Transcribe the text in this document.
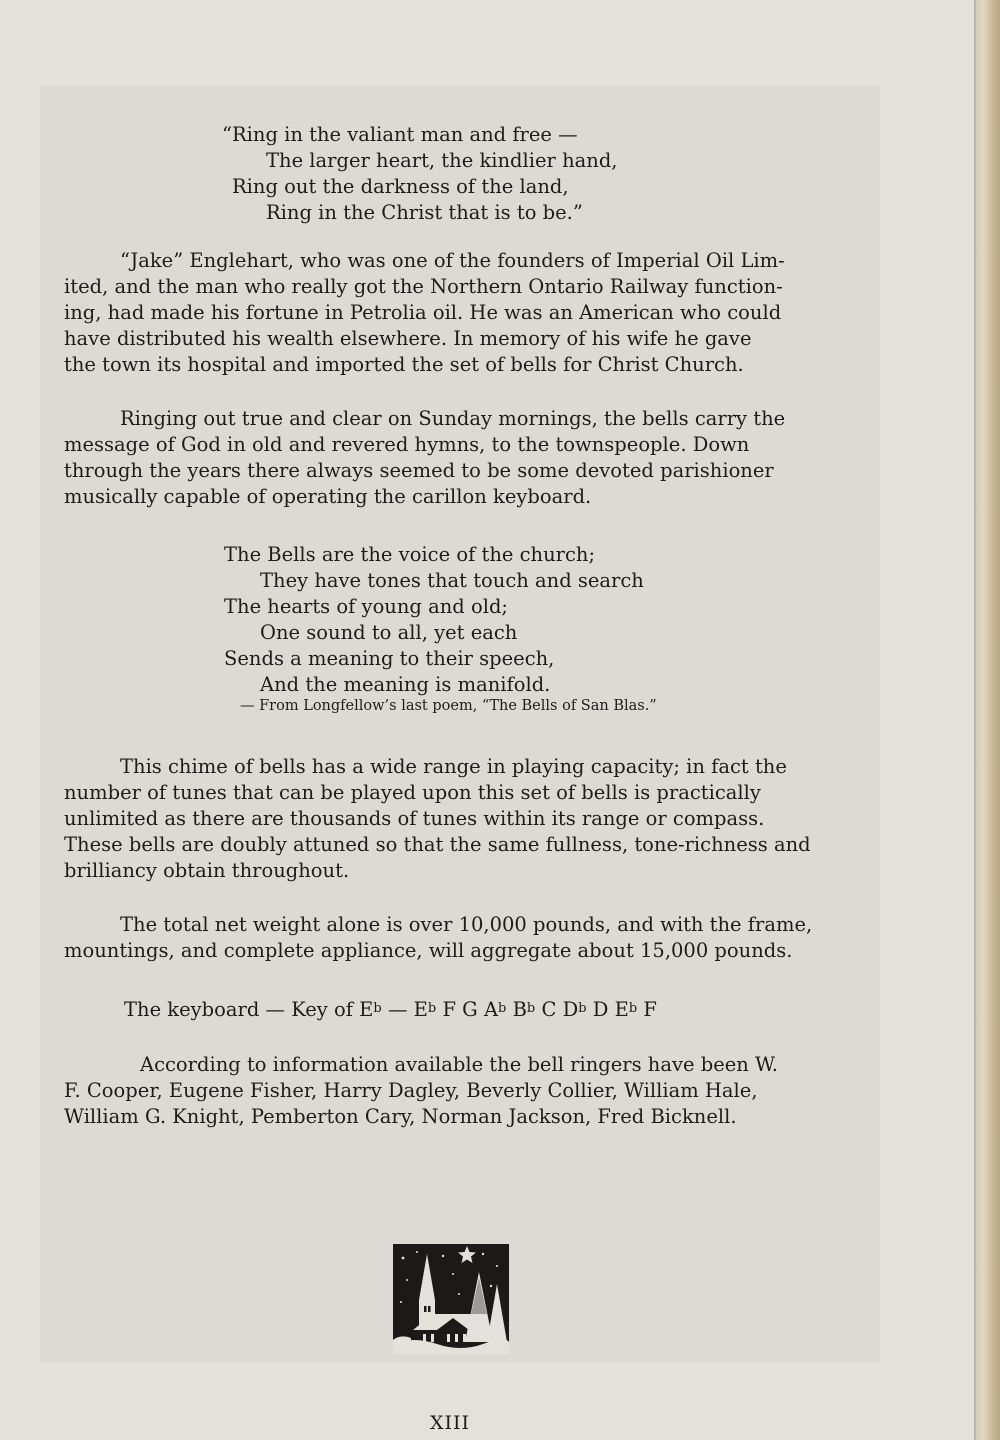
“Ring in the valiant man and free —
The larger heart, the kindlier hand,
Ring out the darkness of the land,
Ring in the Christ that is to be.”
“Jake” Englehart, who was one of the founders of Imperial Oil Lim-
ited, and the man who really got the Northern Ontario Railway function-
ing, had made his fortune in Petrolia oil. He was an American who could
have distributed his wealth elsewhere. In memory of his wife he gave
the town its hospital and imported the set of bells for Christ Church.
Ringing out true and clear on Sunday mornings, the bells carry the
message of God in old and revered hymns, to the townspeople. Down
through the years there always seemed to be some devoted parishioner
musically capable of operating the carillon keyboard.
The Bells are the voice of the church;
They have tones that touch and search
The hearts of young and old;
One sound to all, yet each
Sends a meaning to their speech,
And the meaning is manifold.
— From Longfellow’s last poem, “The Bells of San Blas.”
This chime of bells has a wide range in playing capacity; in fact the
number of tunes that can be played upon this set of bells is practically
unlimited as there are thousands of tunes within its range or compass.
These bells are doubly attuned so that the same fullness, tone-richness and
brilliancy obtain throughout.
The total net weight alone is over 10,000 pounds, and with the frame,
mountings, and complete appliance, will aggregate about 15,000 pounds.
The keyboard — Key of $E^b$ — $E^b$ F G $A^b$ $B^b$ C $D^b$ D $E^b$ F
According to information available the bell ringers have been W.
F. Cooper, Eugene Fisher, Harry Dagley, Beverly Collier, William Hale,
William G. Knight, Pemberton Cary, Norman Jackson, Fred Bicknell.
XIII
